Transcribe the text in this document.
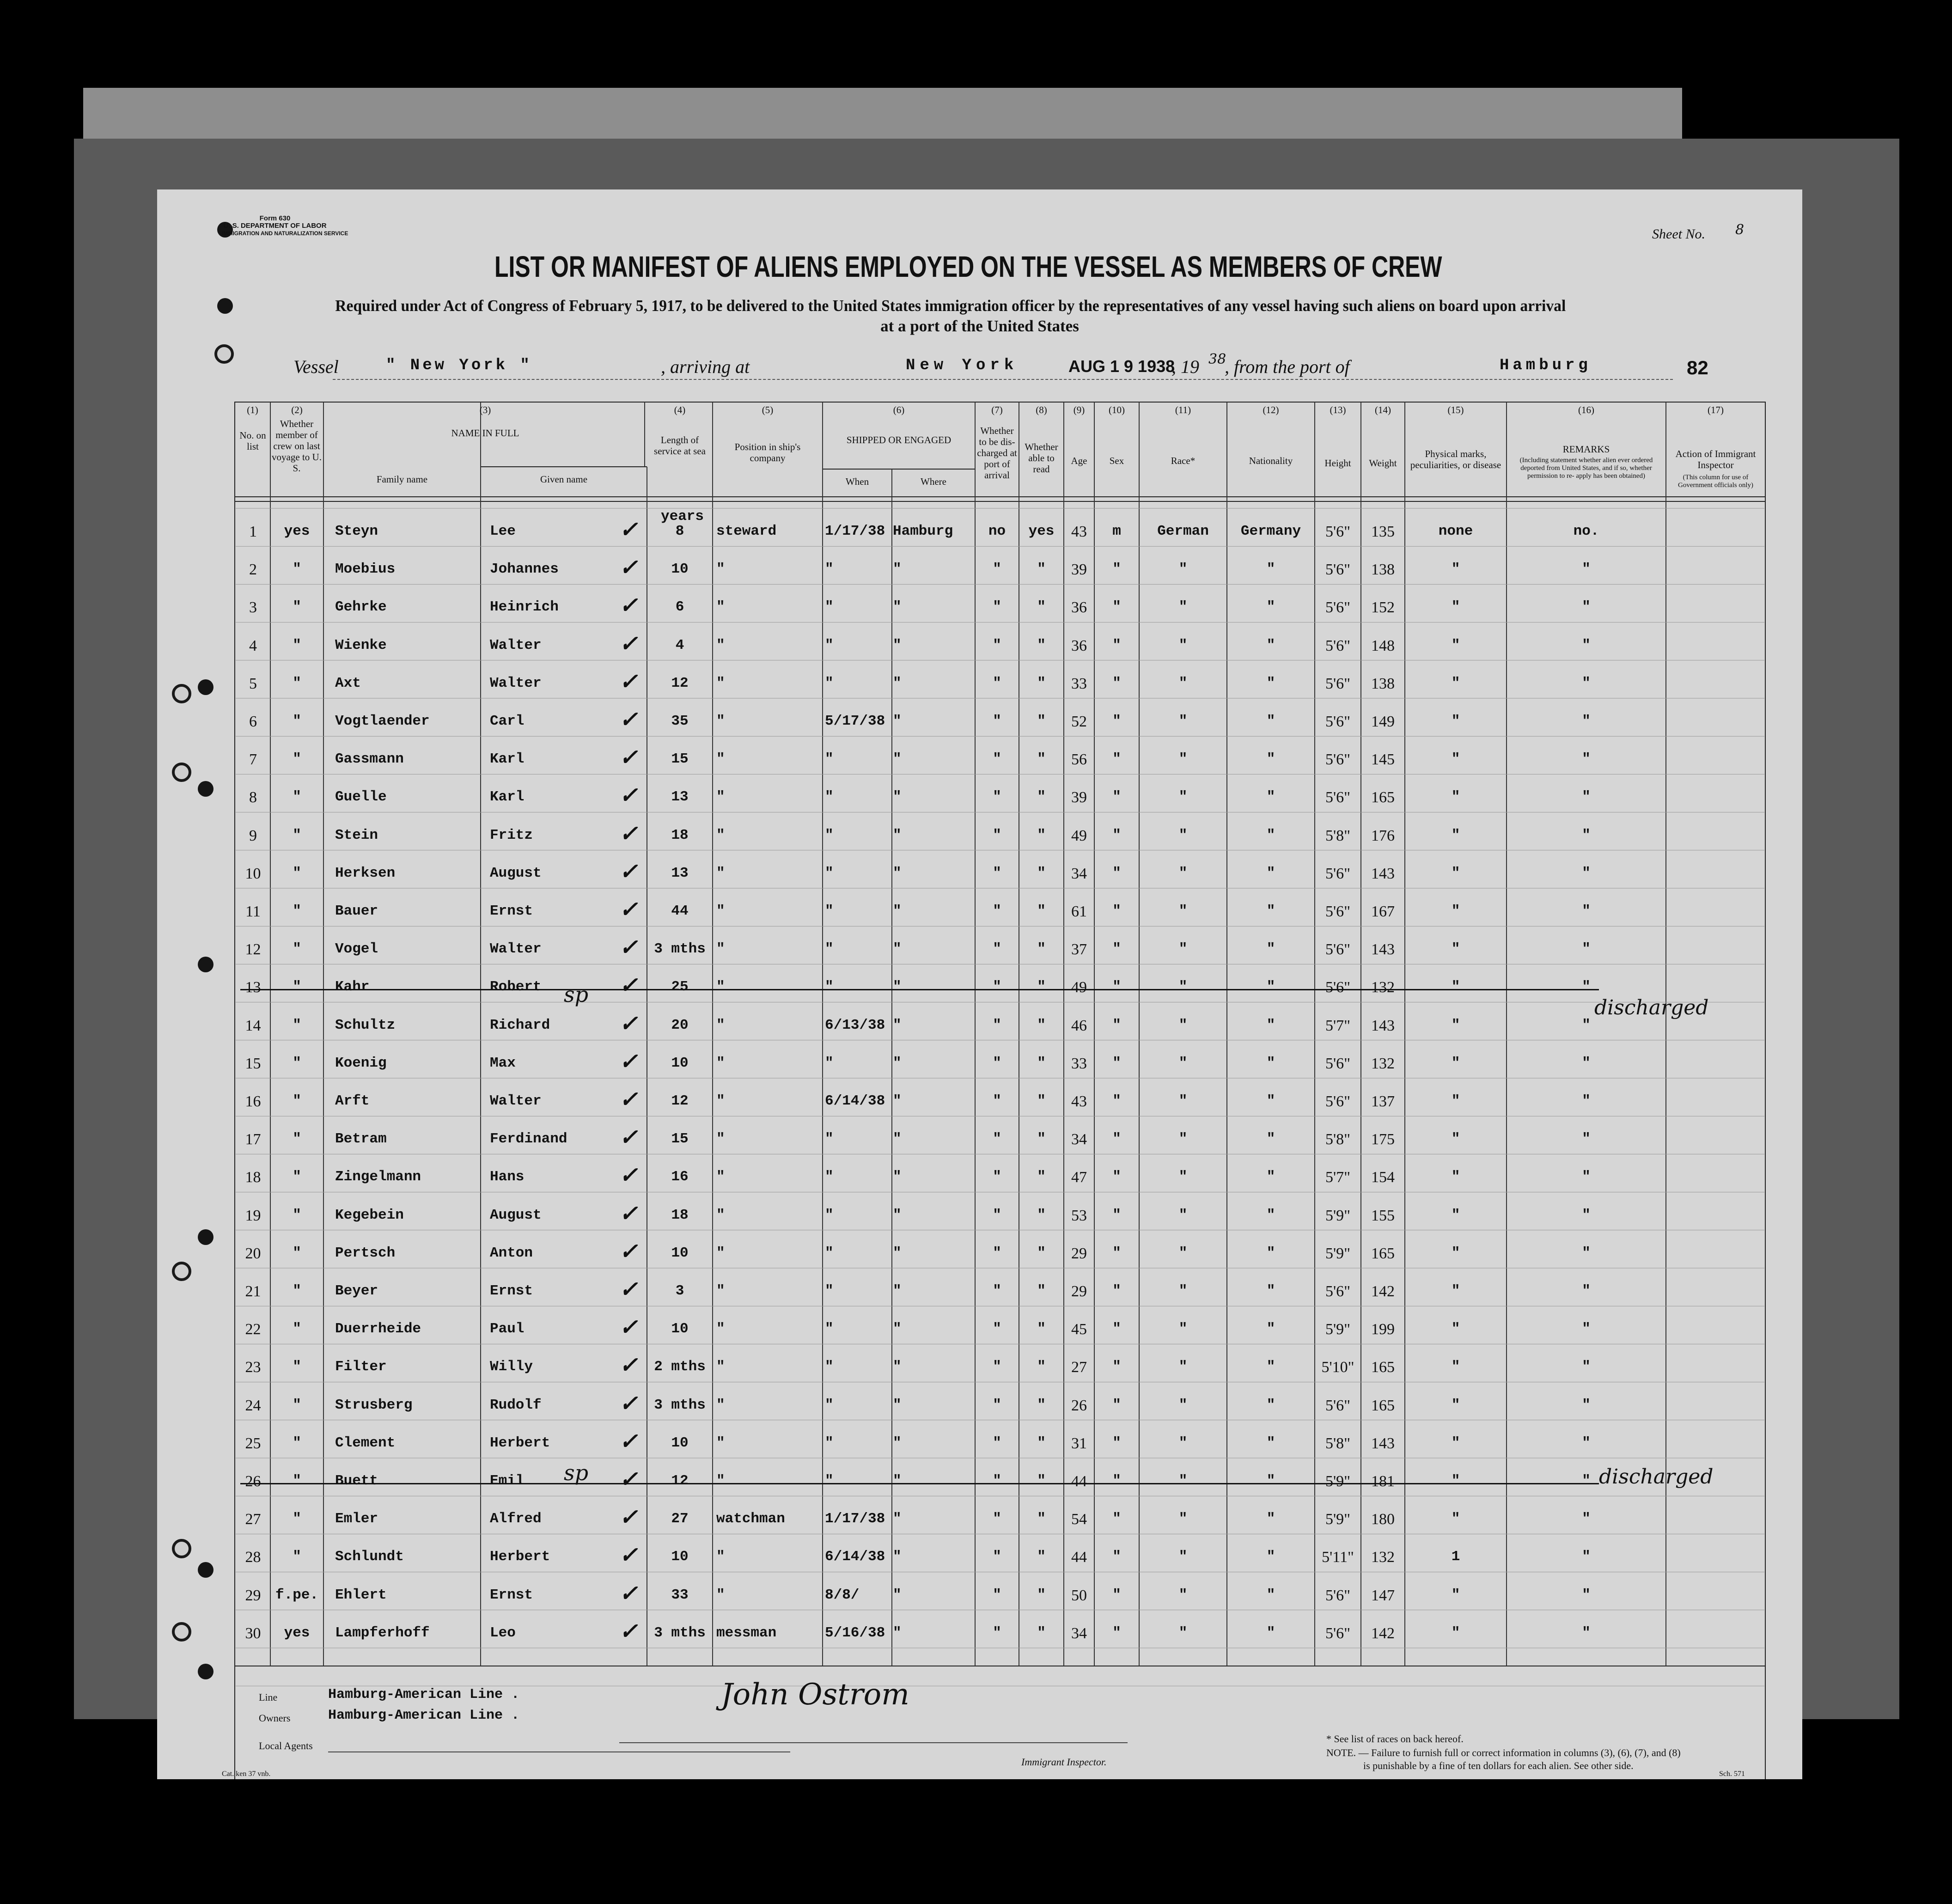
Form 630
U. S. DEPARTMENT OF LABOR
IMMIGRATION AND NATURALIZATION SERVICE	Sheet No. 8
LIST OR MANIFEST OF ALIENS EMPLOYED ON THE VESSEL AS MEMBERS OF CREW
Required under Act of Congress of February 5, 1917, to be delivered to the United States immigration officer by the representatives of any vessel having such aliens on board upon arrival
at a port of the United States
Vessel	" New York "	, arriving at	New York	AUG 1 9 1938
, 19 38
, from the port of	Hamburg	82
(1)	(2)	(3)	(4)	(5)	(6)	(7)	(8)	(9)	(10)	(11)	(12)	(13)	(14)	(15)	(16)	(17)
No. on list
Whether member of crew on last voyage to U. S.
NAME IN FULL
Family name	Given name
Length of service at sea	Position in ship's company
SHIPPED OR ENGAGED
When	Where
Whether to be dis- charged at port of arrival
Whether able to read
Age	Sex	Race*	Nationality	Height	Weight
Physical marks, peculiarities, or disease
REMARKS
(Including statement whether alien ever ordered deported from United States, and if so, whether permission to re- apply has been obtained)
Action of Immigrant Inspector
(This column for use of Government officials only)
years
1	yes	Steyn	Lee	8	steward	1/17/38 Hamburg	no	yes	43	m	German	Germany	5'6"	135	none	no.
✓
2	"	Moebius	Johannes	10	"	"	"	"	"	39	"	"	"	5'6"	138	"	"
✓
3	"	Gehrke	Heinrich	6	"	"	"	"	"	36	"	"	"	5'6"	152	"	"
✓
4	"	Wienke	Walter	4	"	"	"	"	"	36	"	"	"	5'6"	148	"	"
✓
5	"	Axt	Walter	12	"	"	"	"	"	33	"	"	"	5'6"	138	"	"
✓
6	"	Vogtlaender	Carl	35	"	5/17/38 "	"	"	52	"	"	"	5'6"	149	"	"
✓
7	"	Gassmann	Karl	15	"	"	"	"	"	56	"	"	"	5'6"	145	"	"
✓
8	"	Guelle	Karl	13	"	"	"	"	"	39	"	"	"	5'6"	165	"	"
✓
9	"	Stein	Fritz	18	"	"	"	"	"	49	"	"	"	5'8"	176	"	"
✓
10	"	Herksen	August	13	"	"	"	"	"	34	"	"	"	5'6"	143	"	"
✓
11	"	Bauer	Ernst	44	"	"	"	"	"	61	"	"	"	5'6"	167	"	"
✓
12	"	Vogel	Walter	3 mths "	"	"	"	"	37	"	"	"	5'6"	143	"	"
✓
13	"	Kahr	Robert	25	"	"	"	"	"	49	"	"	"	5'6"	132	"	"
✓
14	"	Schultz	Richard	20	"	6/13/38 "	"	"	46	"	"	"	5'7"	143	"	"
✓
15	"	Koenig	Max	10	"	"	"	"	"	33	"	"	"	5'6"	132	"	"
✓
16	"	Arft	Walter	12	"	6/14/38 "	"	"	43	"	"	"	5'6"	137	"	"
✓
17	"	Betram	Ferdinand	15	"	"	"	"	"	34	"	"	"	5'8"	175	"	"
✓
18	"	Zingelmann	Hans	16	"	"	"	"	"	47	"	"	"	5'7"	154	"	"
✓
19	"	Kegebein	August	18	"	"	"	"	"	53	"	"	"	5'9"	155	"	"
✓
20	"	Pertsch	Anton	10	"	"	"	"	"	29	"	"	"	5'9"	165	"	"
✓
21	"	Beyer	Ernst	3	"	"	"	"	"	29	"	"	"	5'6"	142	"	"
✓
22	"	Duerrheide	Paul	10	"	"	"	"	"	45	"	"	"	5'9"	199	"	"
✓
23	"	Filter	Willy	2 mths "	"	"	"	"	27	"	"	"	5'10"	165	"	"
✓
24	"	Strusberg	Rudolf	3 mths "	"	"	"	"	26	"	"	"	5'6"	165	"	"
✓
25	"	Clement	Herbert	10	"	"	"	"	"	31	"	"	"	5'8"	143	"	"
✓
26	"	Buett	Emil	12	"	"	"	"	"	44	"	"	"	5'9"	181	"	"
✓
27	"	Emler	Alfred	27	watchman	1/17/38 "	"	"	54	"	"	"	5'9"	180	"	"
✓
28	"	Schlundt	Herbert	10	"	6/14/38 "	"	"	44	"	"	"	5'11"	132	1	"
✓
29	f.pe. Ehlert	Ernst	33	"	8/8/	"	"	"	50	"	"	"	5'6"	147	"	"
✓
30	yes	Lampferhoff	Leo	3 mths messman	5/16/38 "	"	"	34	"	"	"	5'6"	142	"	"
✓
discharged
discharged
sp
sp
Line	Hamburg-American Line .
Owners	Hamburg-American Line .
Local Agents
John Ostrom
Immigrant Inspector.
* See list of races on back hereof.
NOTE. — Failure to furnish full or correct information in columns (3), (6), (7), and (8)
is punishable by a fine of ten dollars for each alien. See other side.
Cat. ken 37 vnb.	Sch. 571
